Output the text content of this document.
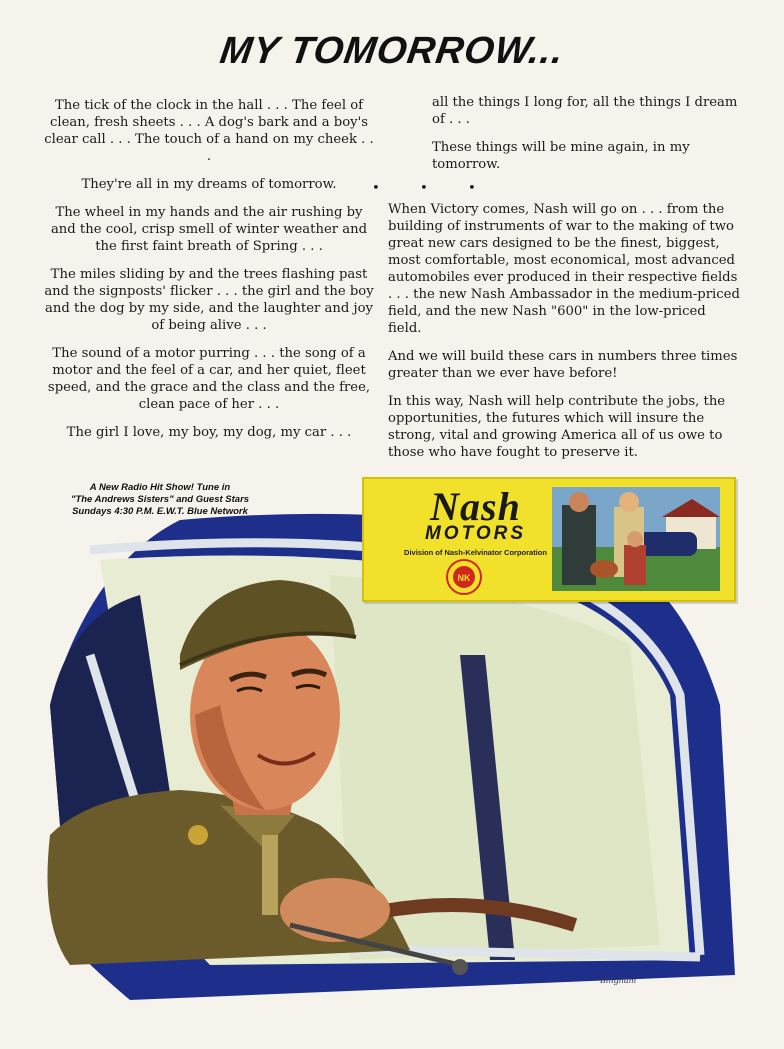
MY TOMORROW...

The tick of the clock in the hall . . . The feel of clean, fresh sheets . . . A dog's bark and a boy's clear call . . . The touch of a hand on my cheek . . .

They're all in my dreams of tomorrow.

The wheel in my hands and the air rushing by and the cool, crisp smell of winter weather and the first faint breath of Spring . . .

The miles sliding by and the trees flashing past and the signposts' flicker . . . the girl and the boy and the dog by my side, and the laughter and joy of being alive . . .

The sound of a motor purring . . . the song of a motor and the feel of a car, and her quiet, fleet speed, and the grace and the class and the free, clean pace of her . . .

The girl I love, my boy, my dog, my car . . .

all the things I long for, all the things I dream of . . .

These things will be mine again, in my tomorrow.

• • •

When Victory comes, Nash will go on . . . from the building of instruments of war to the making of two great new cars designed to be the finest, biggest, most comfortable, most economical, most advanced automobiles ever produced in their respective fields . . . the new Nash Ambassador in the medium-priced field, and the new Nash "600" in the low-priced field.

And we will build these cars in numbers three times greater than we ever have before!

In this way, Nash will help contribute the jobs, the opportunities, the futures which will insure the strong, vital and growing America all of us owe to those who have fought to preserve it.

A New Radio Hit Show! Tune in
"The Andrews Sisters" and Guest Stars
Sundays 4:30 P.M. E.W.T. Blue Network
Bingham
Nash
MOTORS
Division of Nash-Kelvinator Corporation
NK
